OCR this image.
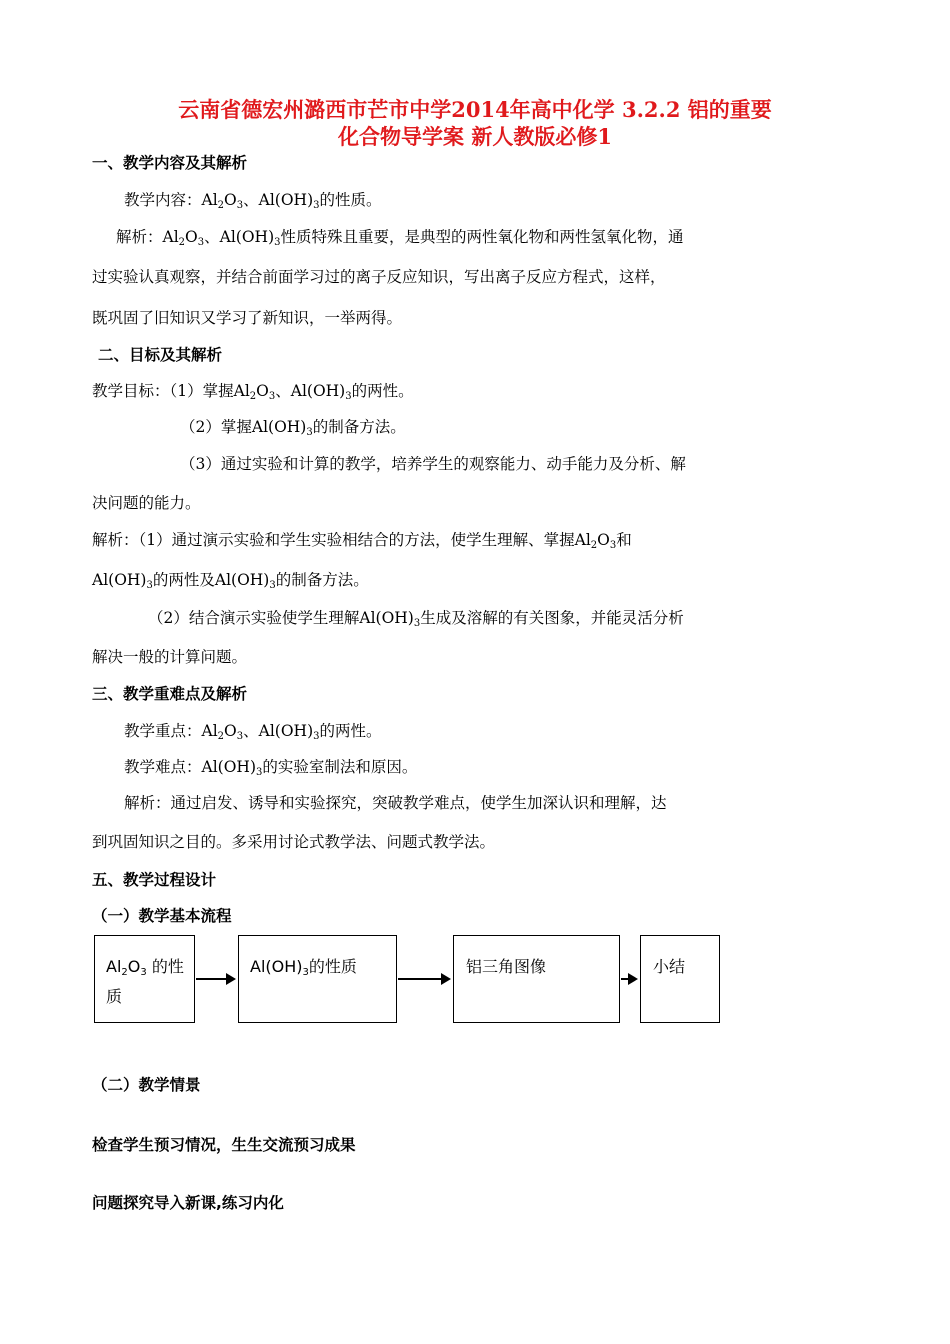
云南省德宏州潞西市芒市中学2014年高中化学 3.2.2 铝的重要
化合物导学案 新人教版必修1
一、教学内容及其解析
教学内容：$Al_2O_3$、$Al(OH)_3$的性质。
解析：$Al_2O_3$、$Al(OH)_3$性质特殊且重要，是典型的两性氧化物和两性氢氧化物，通
过实验认真观察，并结合前面学习过的离子反应知识，写出离子反应方程式，这样，
既巩固了旧知识又学习了新知识，一举两得。
二、目标及其解析
教学目标：（1）掌握$Al_2O_3$、$Al(OH)_3$的两性。
（2）掌握$Al(OH)_3$的制备方法。
（3）通过实验和计算的教学，培养学生的观察能力、动手能力及分析、解
决问题的能力。
解析：（1）通过演示实验和学生实验相结合的方法，使学生理解、掌握$Al_2O_3$和
$Al(OH)_3$的两性及$Al(OH)_3$的制备方法。
（2）结合演示实验使学生理解$Al(OH)_3$生成及溶解的有关图象，并能灵活分析
解决一般的计算问题。
三、教学重难点及解析
教学重点：$Al_2O_3$、$Al(OH)_3$的两性。
教学难点：$Al(OH)_3$的实验室制法和原因。
解析：通过启发、诱导和实验探究，突破教学难点，使学生加深认识和理解，达
到巩固知识之目的。多采用讨论式教学法、问题式教学法。
五、教学过程设计
（一）教学基本流程
$Al_2O_3$ 的性
质
$Al(OH)_3$的性质	铝三角图像	小结
（二）教学情景
检查学生预习情况，生生交流预习成果
问题探究导入新课,练习内化
